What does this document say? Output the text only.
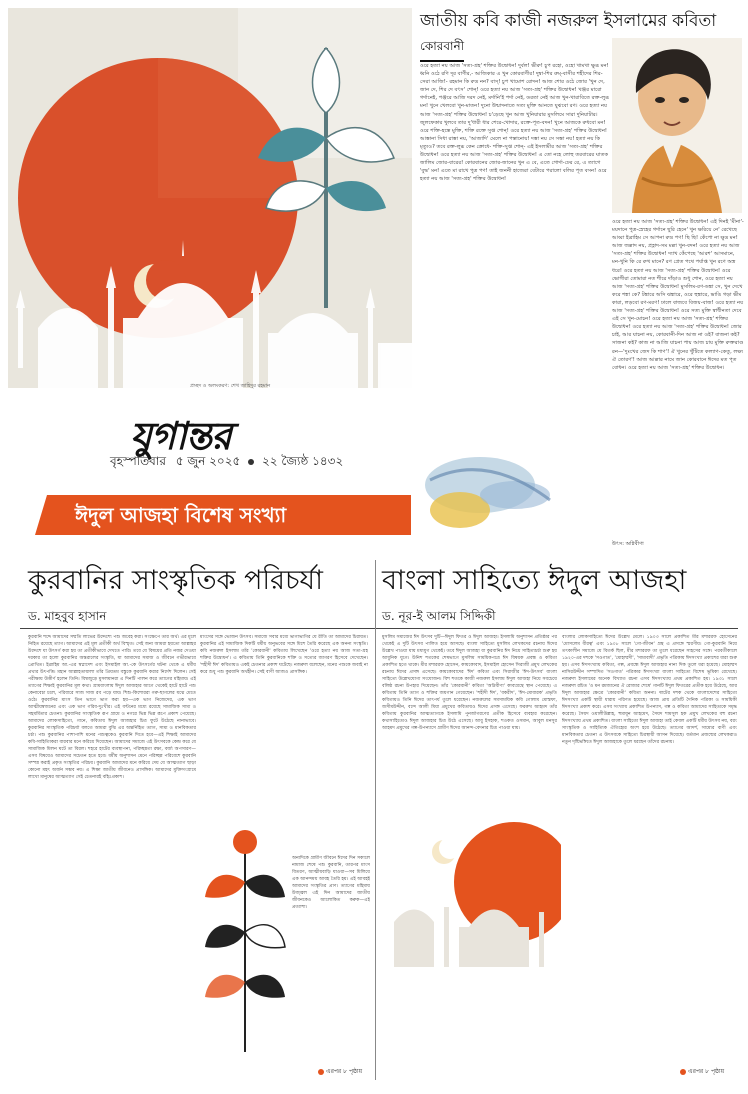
প্রচ্ছদ ও অলংকরণ: শেখ জাহিদুর রহমান
যুগান্তর
বৃহস্পতিবার ৫ জুন ২০২৫ ২২ জ্যৈষ্ঠ ১৪৩২
ঈদুল আজহা বিশেষ সংখ্যা
জাতীয় কবি কাজী নজরুল ইসলামের কবিতা
কোরবানী
ওরে হত্যা নয় আজ 'সত্য-গ্রহ' শক্তির উদ্বোধন! দুর্বল! ভীরু! চুপ রহো, ওহো খামখা ক্ষুব্ধ মন! ধ্বনি ওঠে রণি দূর বাণীর,- আজিকার এ খুন কোরবাণীর! দুম্বা-শির রুম্-বাসীর শহীদের শির-সেরা আজি!- রহমান কি রুদ্র নন? বাস্! চুপ খামোশ রোদন! আজ শোর ওঠে জোর 'খুন দে, জান দে, শির দে বৎস' শোন্! ওরে হত্যা নয় আজ 'সত্য-গ্রহ' শক্তির উদ্বোধন! খঞ্জর মারো গর্দানেই, পঞ্জরে আজি দরদ নেই, মর্দানি'ই পর্দা নেই, ডরতা নেই আজ খুন-খারাবিতে রক্ত-লুব্ধ মন! খুনে খেলবো খুন-মাতন! দুনো উন্মাদনাতে সত্য মুক্তি আনতে যুঝবো রণ। ওরে হত্যা নয় আজ 'সত্য-গ্রহ' শক্তির উদ্বোধন! চ'ড়েছে খুন আজ খুনিয়ারার মুসলিমে সারা দুনিয়াটার। জুলফেকার খুলবে তার দু'ধারী ধার শেরে-খোদার, রক্তে-পূত-বদন! খুনে আজকে রুধবো মন! ওরে শক্তি-হস্তে মুক্তি, শক্তি রক্তে সুপ্ত শোন্! ওরে হত্যা নয় আজ 'সত্য-গ্রহ' শক্তির উদ্বোধন! আস্তানা সিধা রাস্তা নয়, 'আজাদি' মেলে না পস্তানোয়! দস্তা নয় সে সস্তা নয়! হত্যা নয় কি মৃত্যুও? তবে রক্ত-লুব্ধ কেন ক্রোধে- শক্তি-সুপ্ত শোন্- এই ইসলামীর আজ 'সত্য-গ্রহ' শক্তির উদ্বোধন! ওরে হত্যা নয় আজ 'সত্য-গ্রহ' শক্তির উদ্বোধন! এ তো নহে লোহু তরবারের ঘাতক জালিম জোর-বারের! কোরবানের জোর-জানের খুন এ বে, এতে গোর্দা-ঢের রে, এ ত্যাগে 'বুদ্ধ' মন! এতে মা রাখে পুত্র পণ! তাই জননী হাজেরা বেটারে পরালো বলির পূত বসন! ওরে হত্যা নয় আজ 'সত্য-গ্রহ' শক্তির উদ্বোধন!
ওরে হত্যা নয় আজ 'সত্য-গ্রহ' শক্তির উদ্বোধন! এই দিনই 'মীনা'-ময়দানে পুত্র-স্নেহের গর্দানে ছুরি হেনে' খুন ক্ষরিয়ে নে' রেখেছে আব্বা ইব্রাহিম সে আপনা রুদ্র পণ! ছি ছি! কেঁপো না ক্ষুদ্র মন! আজ জল্লাদ নয়, প্রহ্লাদ-সম মল্লা খুন-বদন! ওরে হত্যা নয় আজ 'সত্য-গ্রহ' শক্তির উদ্বোধন! দ্যাখ কেঁপেছে 'আরশ' আসমানে, মন-খুনি কি রে রুখ মানে? রণ প্রেত পথে পর্যাপ্ত খুন রণে অস্ত্র ধরে! ওরে হত্যা নয় আজ 'সত্য-গ্রহ' শক্তির উদ্বোধন! ওরে ভোগীরা তোমারা নত শীরে দাঁড়াও শুধু শোন, ওরে হত্যা নয় আজ 'সত্য-গ্রহ' শক্তির উদ্বোধন! মুসলিম-রণ-ডঙ্কা সে, খুন দেখে করে শঙ্কা কে? টঙ্কারে অসি ঝঙ্কারে, ওরে হুঙ্কারে, ভাঙি গড়া ভীম কারা, লড়বো রণ-মরণ! ঢালে বাজবে বিজয়-বাজ! ওরে হত্যা নয় আজ 'সত্য-গ্রহ' শক্তির উদ্বোধন! ওরে সত্য মুক্তি স্বাধীনতা দেবে এই সে খুন-মোচন! ওরে হত্যা নয় আজ 'সত্য-গ্রহ' শক্তির উদ্বোধন! ওরে হত্যা নয় আজ 'সত্য-গ্রহ' শক্তির উদ্বোধন! জোর চাই, আর যাচনা নয়, কোরবানী-দিন আজ না ওই? বাজনা কই? সাজনা কই? কাজ না আজি যাচনা পায় আজ চায় মুক্তি রুক্তরাণ্ড রন—'দুঃখের জেদ কি শাণ'! ঐ খুনের খুঁটিতে কল্যাণ-কেতু, লক্ষ্য ঐ তোরণ'! আজ আল্লার নামে জান কোরবানে ঈদের মত পূত বোধন। ওরে হত্যা নয় আজ 'সত্য-গ্রহ' শক্তির উদ্বোধন।
উৎস: অগ্নিবীণা
কুরবানির সাংস্কৃতিক পরিচর্যা বাংলা সাহিত্যে ঈদুল আজহা
ড. মাহবুব হাসান	ড. নূর-ই আলম সিদ্দিকী
কুরবানি শব্দে আমাদের সম্মতি লাভের উদ্দেশ্যে পশু জবেহ করা। সংক্ষেপে তার অর্থ। এর মূলে নিহিত রয়েছে ত্যাগ। আমাদের এই মূল প্রতীকী অর্থ বিস্মৃত। সেই জন্য আমরা হয়তো আল্লাহর উদ্দেশে যা উৎসর্গ করা হয় তা প্রতীকীভাবে দেখতে পারি। তবে যে বিষয়ের প্রতি নজর দেওয়া দরকার তা হলো কুরবানির অন্তরালের সংস্কৃতি, যা আমাদের সমাজ ও জীবনে গভীরভাবে প্রোথিত। ইব্রাহিম আ.-এর স্বপ্নাদেশ এবং ইসমাইল আ.-কে উৎসর্গের ঘটনা থেকে এ ধর্মীয় প্রথার উৎপত্তি। মহান আল্লাহতায়ালা তাঁর প্রিয়তম বস্তুকে কুরবানি করার নির্দেশ দিলেন। সেই পরীক্ষায় উত্তীর্ণ হলেন তিনি। বিশ্বজুড়ে মুসলমানরা এ দিনটি পালন করে ত্যাগের মহিমায়। এই ত্যাগের শিক্ষাই কুরবানির মূল কথা। গ্রামবাংলায় ঈদুল আজহার আগে থেকেই হাটে হাটে পশু কেনাবেচা চলে, পরিবারে সাজ সাজ রব পড়ে যায়। শিশু-কিশোররা গরু-ছাগলের যত্নে মেতে ওঠে। কুরবানির মাংস তিন ভাগে ভাগ করা হয়—এক ভাগ নিজেদের, এক ভাগ আত্মীয়স্বজনের এবং এক ভাগ গরিব-দুঃখীর। এই বণ্টনের মধ্যে রয়েছে সামাজিক সাম্য ও সহমর্মিতার চেতনা। কুরবানির সাংস্কৃতিক রূপ গ্রামে ও নগরে ভিন্ন ভিন্ন রূপে প্রকাশ পেয়েছে। আমাদের লোকসাহিত্যে, গানে, কবিতায় ঈদুল আজহার চিত্র ফুটে উঠেছে নানাভাবে। কুরবানির সাংস্কৃতিক পরিচর্যা বলতে আমরা বুঝি এর অন্তর্নিহিত ত্যাগ, সাম্য ও মানবিকতার চর্চা। পশু কুরবানির পাশাপাশি মনের পশুত্বকেও কুরবানি দিতে হবে—এই শিক্ষাই আমাদের কবি-সাহিত্যিকরা বারবার মনে করিয়ে দিয়েছেন। আমাদের সমাজে এই উৎসবকে কেন্দ্র করে যে সামাজিক মিলন ঘটে তা বিরল। শহরে হাটের ব্যবস্থাপনা, পরিচ্ছন্নতা রক্ষা, বর্জ্য অপসারণ—এসব বিষয়েও আমাদের সচেতন হতে হবে। ধর্মীয় অনুশাসন মেনে পরিচ্ছন্ন পরিবেশে কুরবানি সম্পন্ন করাই প্রকৃত সংস্কৃতির পরিচয়। কুরবানি আমাদের মনে করিয়ে দেয় যে আত্মত্যাগ ছাড়া কোনো মহৎ অর্জন সম্ভব নয়। এ শিক্ষা জাতীয় জীবনেও প্রাসঙ্গিক। আমাদের মুক্তিসংগ্রামে লাখো মানুষের আত্মত্যাগ সেই চেতনারই বহিঃপ্রকাশ।
মাংসের সঙ্গে ভোজন উৎসব। সমাজে সবার মধ্যে ভাগাভাগির যে রীতি তা আমাদের চিরায়ত। কুরবানির এই সামাজিক দিকটি ধর্মীয় অনুভবের সঙ্গে মিশে তৈরি করেছে এক অনন্য সংস্কৃতি। কবি নজরুল ইসলাম তাঁর 'কোরবানী' কবিতায় লিখেছেন 'ওরে হত্যা নয় আজ সত্য-গ্রহ শক্তির উদ্বোধন'। এ কবিতায় তিনি কুরবানিকে শক্তি ও সত্যের জাগরণ হিসেবে দেখেছেন। 'শহীদী ঈদ' কবিতায়ও একই চেতনার প্রকাশ ঘটেছে। নজরুল বলেছেন, মনের পশুকে জবাই না করে শুধু পশু কুরবানি অর্থহীন। সেই বাণী আজও প্রাসঙ্গিক।
অন্যদিকে গ্রামীণ জীবনে ঈদের দিন সকালে নামাজ শেষে পশু কুরবানি, তারপর মাংস বিতরণ, আত্মীয়বাড়ি যাওয়া—সব মিলিয়ে এক আনন্দময় আবহ তৈরি হয়। এই আবহই আমাদের সংস্কৃতির প্রাণ। ত্যাগের মহিমায় উজ্জ্বল এই দিন আমাদের জাতীয় জীবনকেও আলোকিত করুক—এই প্রত্যাশা।
মুসলিম সমাজের ঈদ উৎসব দুটি—ঈদুল ফিতর ও ঈদুল আজহা। ইসলামি অনুশাসন প্রতিষ্ঠার পর থেকেই এ দুটি উৎসব পালিত হয়ে আসছে। বাংলা সাহিত্যে মুসলিম লেখকদের রচনায় ঈদের উল্লেখ পাওয়া যায় মধ্যযুগ থেকেই। তবে ঈদুল আজহা বা কুরবানির ঈদ নিয়ে সাহিত্যচর্চা শুরু হয় আধুনিক যুগে। উনিশ শতকের শেষভাগে মুসলিম সাময়িকপত্রে ঈদ বিষয়ক প্রবন্ধ ও কবিতা প্রকাশিত হতে থাকে। মীর মশাররফ হোসেন, কায়কোবাদ, ইসমাইল হোসেন সিরাজী প্রমুখ লেখকের রচনায় ঈদের প্রসঙ্গ এসেছে। কায়কোবাদের 'ঈদ' কবিতা এবং সিরাজীর 'ঈদ-উৎসব' বাংলা সাহিত্যে উল্লেখযোগ্য সংযোজন। বিশ শতকে কাজী নজরুল ইসলাম ঈদুল আজহা নিয়ে সবচেয়ে বলিষ্ঠ রচনা উপহার দিয়েছেন। তাঁর 'কোরবানী' কবিতা 'অগ্নিবীণা' কাব্যগ্রন্থে স্থান পেয়েছে। এ কবিতায় তিনি ত্যাগ ও শক্তির জয়গান গেয়েছেন। 'শহীদী ঈদ', 'বকরীদ', 'ঈদ-মোবারক' প্রভৃতি কবিতায়ও তিনি ঈদের তাৎপর্য তুলে ধরেছেন। নজরুলের সমসাময়িক কবি গোলাম মোস্তফা, জসীমউদ্দীন, বন্দে আলী মিয়া প্রমুখের কবিতায়ও ঈদের প্রসঙ্গ এসেছে। ফররুখ আহমদ তাঁর কবিতায় কুরবানির আত্মত্যাগকে ইসলামি পুনর্জাগরণের প্রতীক হিসেবে ব্যবহার করেছেন। কথাসাহিত্যেও ঈদুল আজহার চিত্র উঠে এসেছে। আবু ইসহাক, শওকত ওসমান, আবুল মনসুর আহমদ প্রমুখের গল্প-উপন্যাসে গ্রামীণ ঈদের আনন্দ-বেদনার চিত্র পাওয়া যায়।
বাংলার লোকসাহিত্যে ঈদের উল্লেখ মেলে। ১৯০৩ সালে প্রকাশিত মীর মশাররফ হোসেনের 'মোসলেম বীরত্ব' এবং ১৯০৮ সালে 'গো-জীবন' গ্রন্থ এ প্রসঙ্গে স্মরণীয়। গো-কুরবানি নিয়ে তৎকালীন সমাজে যে বিতর্ক ছিল, মীর মশাররফ তা তুলে ধরেছেন সাহসের সঙ্গে। পরবর্তীকালে ১৯২০-এর দশকে 'সওগাত', 'মোহাম্মদী', 'সাম্যবাদী' প্রভৃতি পত্রিকায় ঈদসংখ্যা প্রকাশের ধারা শুরু হয়। এসব ঈদসংখ্যায় কবিতা, গল্প, প্রবন্ধে ঈদুল আজহার নানা দিক তুলে ধরা হয়েছে। মোহাম্মদ নাসিরউদ্দীন সম্পাদিত 'সওগাত' পত্রিকার ঈদসংখ্যা বাংলা সাহিত্যে বিশেষ ভূমিকা রেখেছে। নজরুল ইসলামের অনেক বিখ্যাত রচনা এসব ঈদসংখ্যায় প্রথম প্রকাশিত হয়। ১৯৩১ সালে নজরুল রচিত 'ও মন রমজানের ঐ রোজার শেষে' গানটি ঈদুল ফিতরের প্রতীক হয়ে উঠেছে, আর ঈদুল আজহার ক্ষেত্রে 'কোরবানী' কবিতা অনন্য। ষাটের দশক থেকে বাংলাদেশের সাহিত্যে ঈদসংখ্যা একটি স্থায়ী ধারায় পরিণত হয়েছে। আজ প্রায় প্রতিটি দৈনিক পত্রিকা ও সাময়িকী ঈদসংখ্যা প্রকাশ করে। এসব সংখ্যায় প্রকাশিত উপন্যাস, গল্প ও কবিতা আমাদের সাহিত্যকে সমৃদ্ধ করেছে। সৈয়দ ওয়ালীউল্লাহ, হুমায়ূন আহমেদ, সৈয়দ শামসুল হক প্রমুখ লেখকের বহু রচনা ঈদসংখ্যায় প্রথম প্রকাশিত। বাংলা সাহিত্যে ঈদুল আজহা তাই কেবল একটি ধর্মীয় উৎসব নয়, বরং সাংস্কৃতিক ও সাহিত্যিক ঐতিহ্যের অংশ হয়ে উঠেছে। ত্যাগের আদর্শ, সাম্যের বাণী এবং মানবিকতার চেতনা এ উৎসবকে সাহিত্যে চিরস্থায়ী আসন দিয়েছে। বর্তমান প্রজন্মের লেখকরাও নতুন দৃষ্টিভঙ্গিতে ঈদুল আজহাকে তুলে ধরছেন তাঁদের রচনায়।
এরপর ৮ পৃষ্ঠায়	এরপর ৮ পৃষ্ঠায়
